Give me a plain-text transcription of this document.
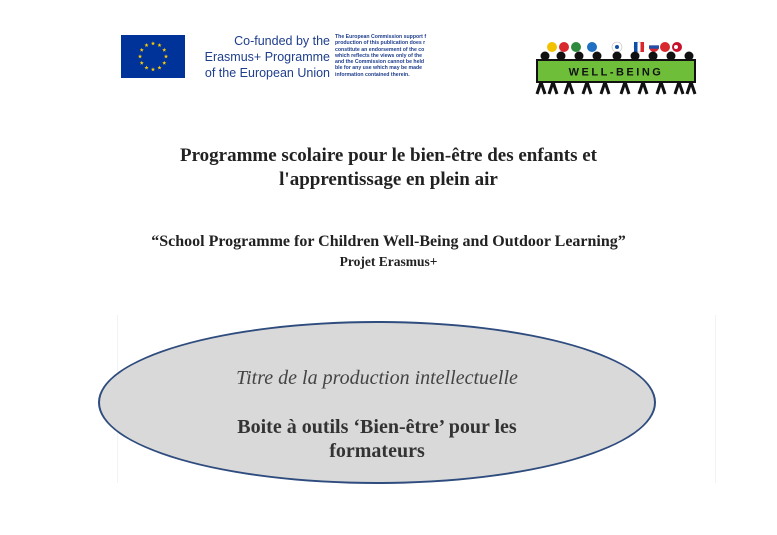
Co-funded by the
Erasmus+ Programme
of the European Union
The European Commission support f
production of this publication does r
constitute an endorsement of the co
which reflects the views only of the
and the Commission cannot be held
ble for any use which may be made
information contained therein.	WELL-BEING
Programme scolaire pour le bien-être des enfants et
l'apprentissage en plein air
“School Programme for Children Well-Being and Outdoor Learning”
Projet Erasmus+
Titre de la production intellectuelle
Boite à outils ‘Bien-être’ pour les
formateurs
